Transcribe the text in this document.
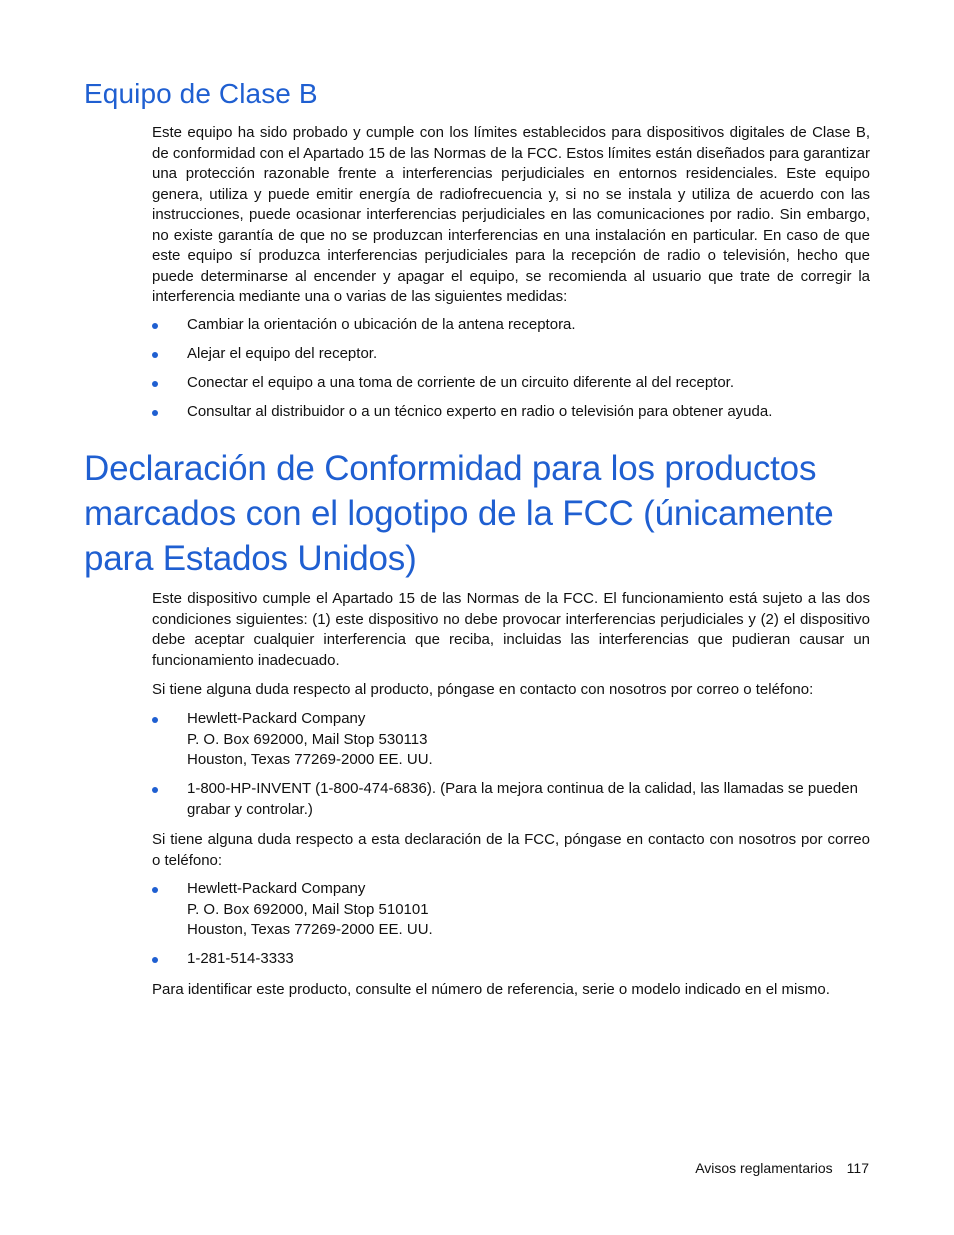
Equipo de Clase B

Este equipo ha sido probado y cumple con los límites establecidos para dispositivos digitales de Clase B, de conformidad con el Apartado 15 de las Normas de la FCC. Estos límites están diseñados para garantizar una protección razonable frente a interferencias perjudiciales en entornos residenciales. Este equipo genera, utiliza y puede emitir energía de radiofrecuencia y, si no se instala y utiliza de acuerdo con las instrucciones, puede ocasionar interferencias perjudiciales en las comunicaciones por radio. Sin embargo, no existe garantía de que no se produzcan interferencias en una instalación en particular. En caso de que este equipo sí produzca interferencias perjudiciales para la recepción de radio o televisión, hecho que puede determinarse al encender y apagar el equipo, se recomienda al usuario que trate de corregir la interferencia mediante una o varias de las siguientes medidas:

Cambiar la orientación o ubicación de la antena receptora.
Alejar el equipo del receptor.
Conectar el equipo a una toma de corriente de un circuito diferente al del receptor.
Consultar al distribuidor o a un técnico experto en radio o televisión para obtener ayuda.
Declaración de Conformidad para los productos marcados con el logotipo de la FCC (únicamente para Estados Unidos)

Este dispositivo cumple el Apartado 15 de las Normas de la FCC. El funcionamiento está sujeto a las dos condiciones siguientes: (1) este dispositivo no debe provocar interferencias perjudiciales y (2) el dispositivo debe aceptar cualquier interferencia que reciba, incluidas las interferencias que pudieran causar un funcionamiento inadecuado.

Si tiene alguna duda respecto al producto, póngase en contacto con nosotros por correo o teléfono:

Hewlett-Packard Company
P. O. Box 692000, Mail Stop 530113
Houston, Texas 77269-2000 EE. UU.
1-800-HP-INVENT (1-800-474-6836). (Para la mejora continua de la calidad, las llamadas se pueden grabar y controlar.)

Si tiene alguna duda respecto a esta declaración de la FCC, póngase en contacto con nosotros por correo o teléfono:

Hewlett-Packard Company
P. O. Box 692000, Mail Stop 510101
Houston, Texas 77269-2000 EE. UU.
1-281-514-3333

Para identificar este producto, consulte el número de referencia, serie o modelo indicado en el mismo.

Avisos reglamentarios 117
